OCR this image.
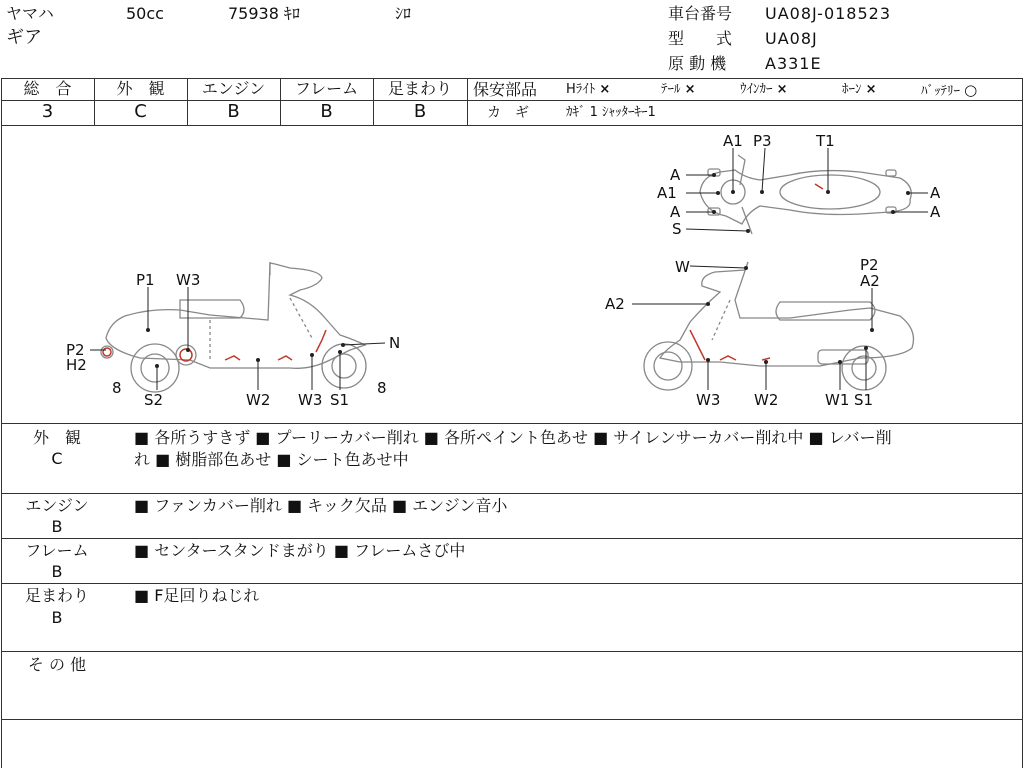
ヤマハ	50cc	75938 ｷﾛ	ｼﾛ
ギア
車台番号 UA08J-018523
型　　式 UA08J
原 動 機 A331E
総　合
3
外　観
C
エンジン
B
フレーム
B
足まわり
B
保安部品 Hﾗｲﾄ ×	ﾃｰﾙ ×	ｳｲﾝｶｰ ×	ﾎｰﾝ ×	ﾊﾞｯﾃﾘｰ ○
カ　ギ	ｶｷﾞ 1 ｼｬｯﾀｰｷｰ1
A1 P3	T1
A
A1
A
S
A
A
P1 W3
P2
H2
8
S2	W2 W3 S1
N
8
W	P2
A2
A2
W3 W2	W1 S1
外　観
C
■ 各所うすきず ■ プーリーカバー削れ ■ 各所ペイント色あせ ■ サイレンサーカバー削れ中 ■ レバー削
れ ■ 樹脂部色あせ ■ シート色あせ中
エンジン
B
■ ファンカバー削れ ■ キック欠品 ■ エンジン音小
フレーム
B
■ センタースタンドまがり ■ フレームさび中
足まわり
B
■ F足回りねじれ
そ の 他
